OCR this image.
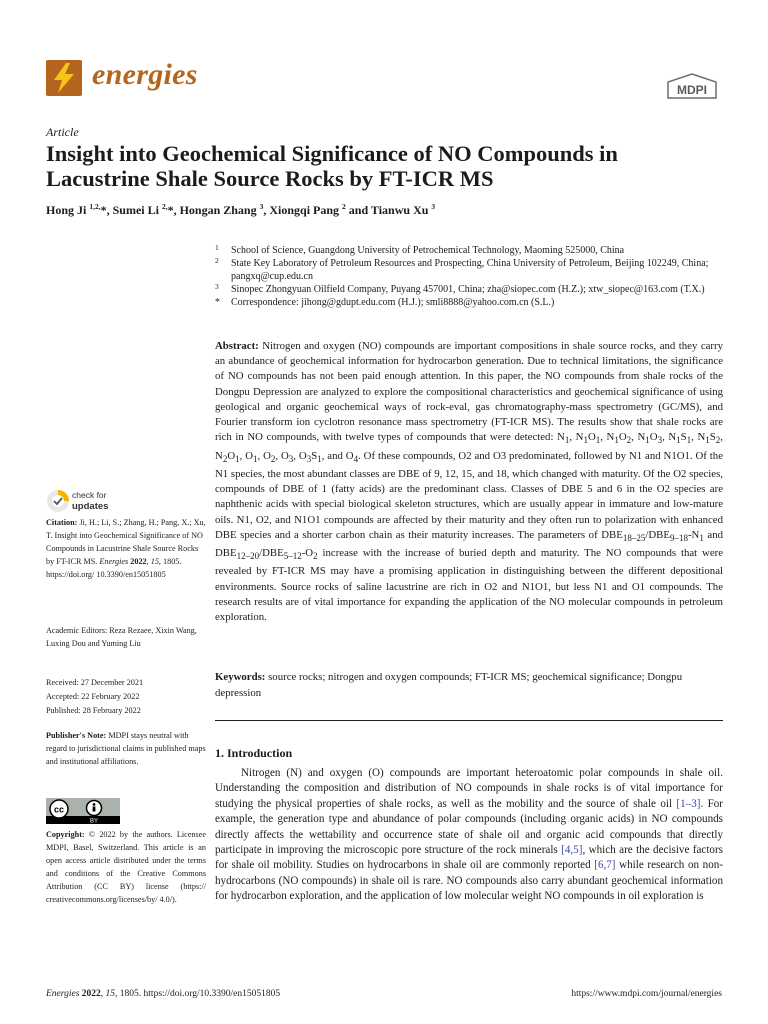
energies	MDPI
Article
Insight into Geochemical Significance of NO Compounds in Lacustrine Shale Source Rocks by FT-ICR MS
Hong Ji $^{1,2,}$*, Sumei Li $^{2,}$*, Hongan Zhang $^3$, Xiongqi Pang $^2$ and Tianwu Xu $^3$
1 School of Science, Guangdong University of Petrochemical Technology, Maoming 525000, China
2 State Key Laboratory of Petroleum Resources and Prospecting, China University of Petroleum, Beijing 102249, China; pangxq@cup.edu.cn
3 Sinopec Zhongyuan Oilfield Company, Puyang 457001, China; zha@siopec.com (H.Z.); xtw_siopec@163.com (T.X.)
* Correspondence: jihong@gdupt.edu.com (H.J.); smli8888@yahoo.com.cn (S.L.)
Abstract: Nitrogen and oxygen (NO) compounds are important compositions in shale source rocks, and they carry an abundance of geochemical information for hydrocarbon generation. Due to technical limitations, the significance of NO compounds has not been paid enough attention. In this paper, the NO compounds from shale rocks of the Dongpu Depression are analyzed to explore the compositional characteristics and geochemical significance of using geological and organic geochemical ways of rock-eval, gas chromatography-mass spectrometry (GC/MS), and Fourier transform ion cyclotron resonance mass spectrometry (FT-ICR MS). The results show that shale rocks are rich in NO compounds, with twelve types of compounds that were detected: $N_1$, $N_1O_1$, $N_1O_2$, $N_1O_3$, $N_1S_1$, $N_1S_2$, $N_2O_1$, $O_1$, $O_2$, $O_3$, $O_3S_1$, and $O_4$. Of these compounds, O2 and O3 predominated, followed by N1 and N1O1. Of the N1 species, the most abundant classes are DBE of 9, 12, 15, and 18, which changed with maturity. Of the O2 species, compounds of DBE of 1 (fatty acids) are the predominant class. Classes of DBE 5 and 6 in the O2 species are naphthenic acids with special biological skeleton structures, which are usually appear in immature and low-mature oils. N1, O2, and N1O1 compounds are affected by their maturity and they often run to polarization with enhanced DBE species and a shorter carbon chain as their maturity increases. The parameters of $DBE_{18-25}/DBE_{9-18}-N_1$ and $DBE_{12-20}/DBE_{5-12}-O_2$ increase with the increase of buried depth and maturity. The NO compounds that were revealed by FT-ICR MS may have a promising application in distinguishing between the different depositional environments. Source rocks of saline lacustrine are rich in O2 and N1O1, but less N1 and O1 compounds. The research results are of vital importance for expanding the application of the NO molecular compounds in petroleum exploration.
Keywords: source rocks; nitrogen and oxygen compounds; FT-ICR MS; geochemical significance; Dongpu depression
check for
updates
Citation: Ji, H.; Li, S.; Zhang, H.; Pang, X.; Xu, T. Insight into Geochemical Significance of NO Compounds in Lacustrine Shale Source Rocks by FT-ICR MS. Energies 2022, 15, 1805. https://doi.org/ 10.3390/en15051805
Academic Editors: Reza Rezaee, Xixin Wang, Luxing Dou and Yuming Liu
Received: 27 December 2021
Accepted: 22 February 2022
Published: 28 February 2022
Publisher's Note: MDPI stays neutral with regard to jurisdictional claims in published maps and institutional affiliations.
cc
BY
Copyright: © 2022 by the authors. Licensee MDPI, Basel, Switzerland. This article is an open access article distributed under the terms and conditions of the Creative Commons Attribution (CC BY) license (https:// creativecommons.org/licenses/by/ 4.0/).
1. Introduction

Nitrogen (N) and oxygen (O) compounds are important heteroatomic polar compounds in shale oil. Understanding the composition and distribution of NO compounds in shale rocks is of vital importance for studying the physical properties of shale rocks, as well as the mobility and the source of shale oil [1–3]. For example, the generation type and abundance of polar compounds (including organic acids) in NO compounds directly affects the wettability and occurrence state of shale oil and organic acid compounds that directly participate in improving the microscopic pore structure of the rock minerals [4,5], which are the decisive factors for shale oil mobility. Studies on hydrocarbons in shale oil are commonly reported [6,7] while research on non-hydrocarbons (NO compounds) in shale oil is rare. NO compounds also carry abundant geochemical information for hydrocarbon exploration, and the application of low molecular weight NO compounds in oil exploration is

Energies 2022, 15, 1805. https://doi.org/10.3390/en15051805	https://www.mdpi.com/journal/energies
